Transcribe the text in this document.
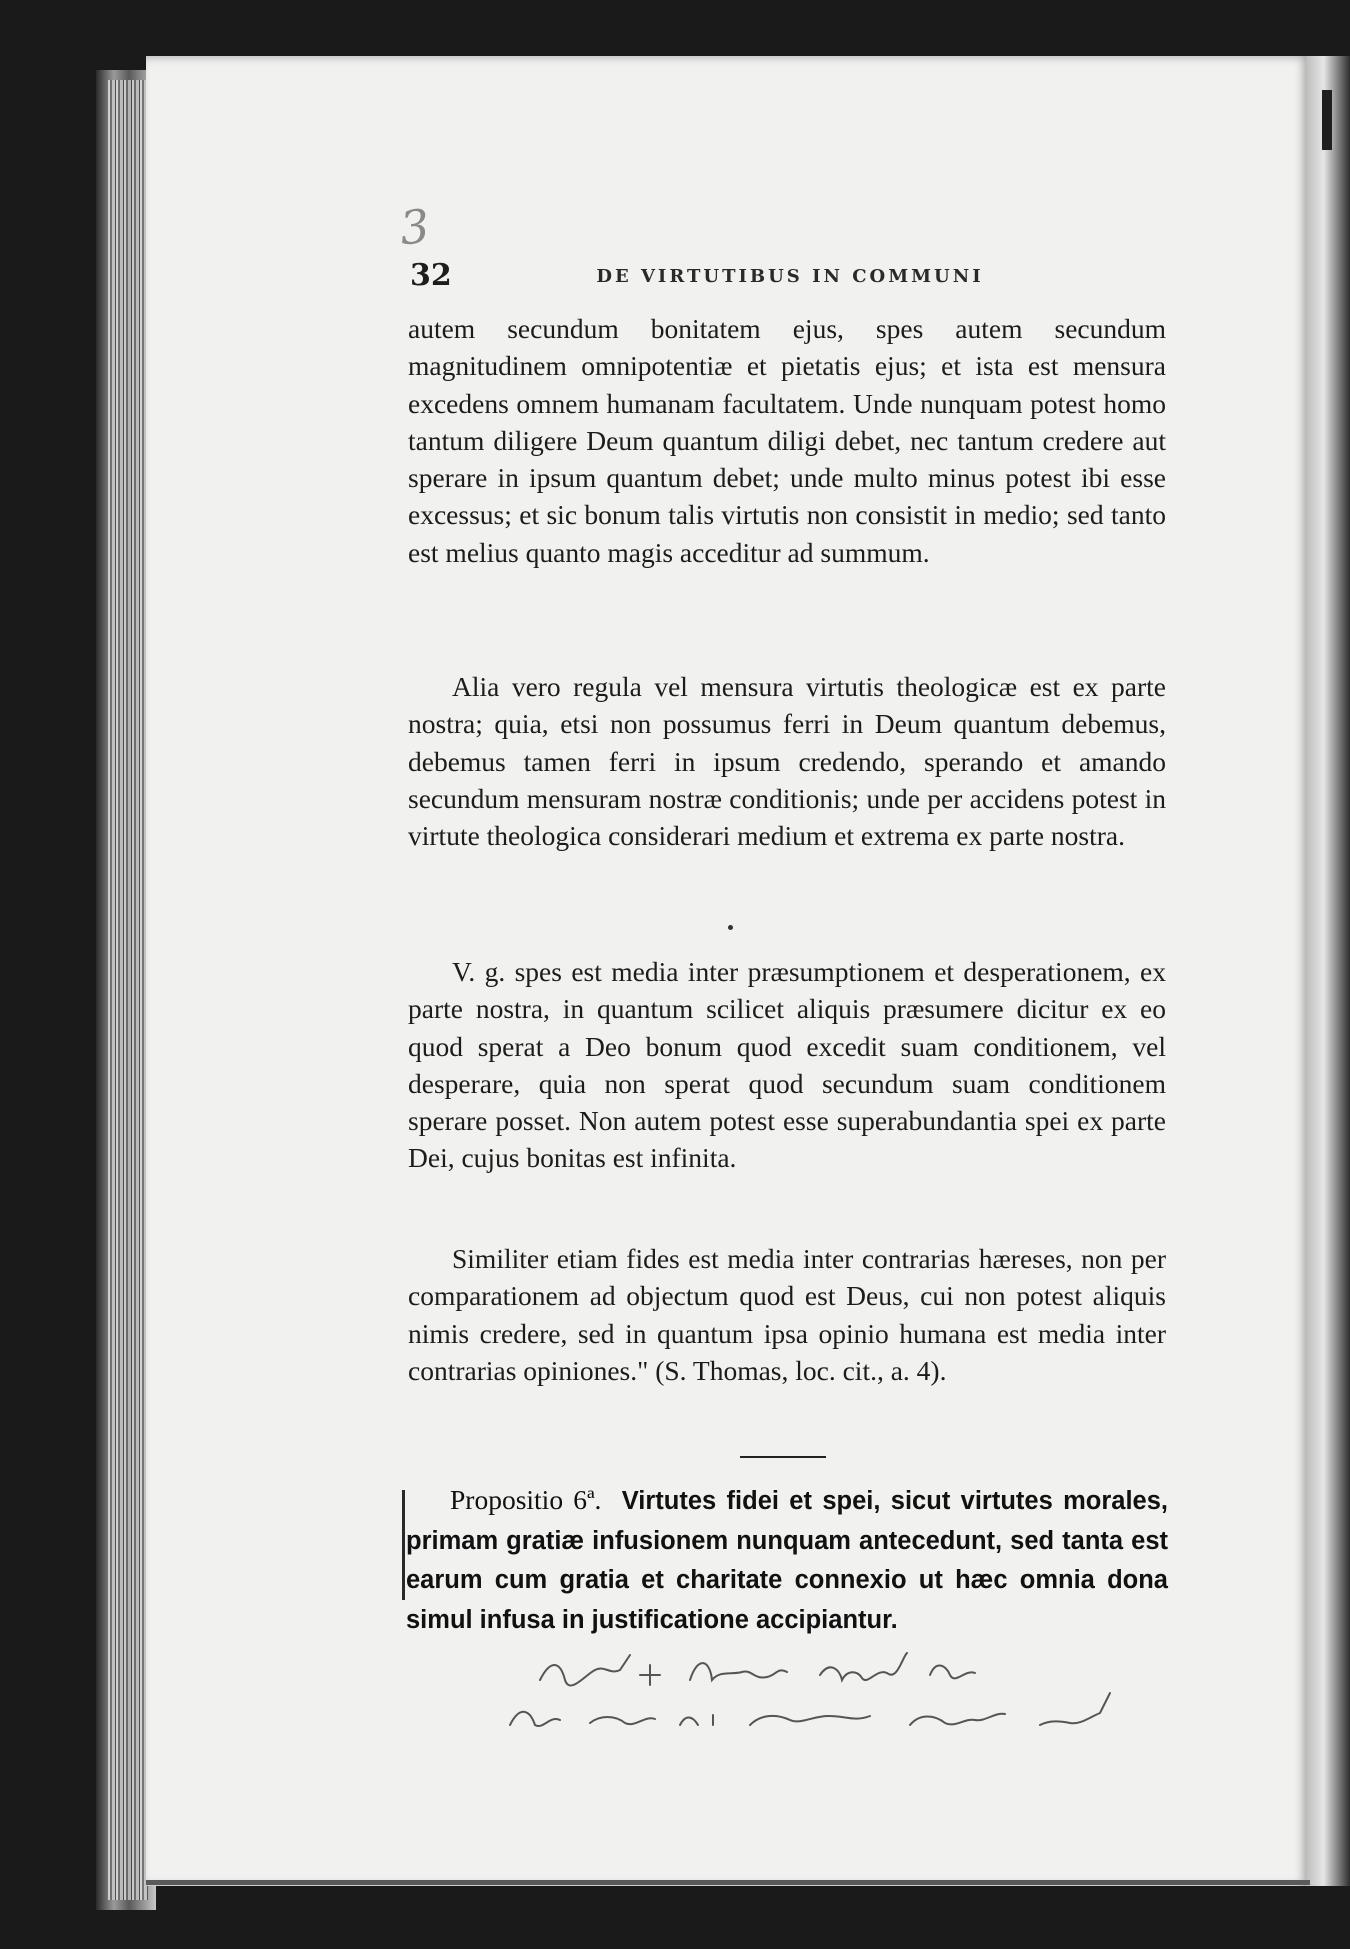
3
32	DE VIRTUTIBUS IN COMMUNI

autem secundum bonitatem ejus, spes autem secundum magnitudinem omnipotentiæ et pietatis ejus; et ista est mensura excedens omnem humanam facultatem. Unde nunquam potest homo tantum diligere Deum quantum diligi debet, nec tantum credere aut sperare in ipsum quantum debet; unde multo minus potest ibi esse excessus; et sic bonum talis virtutis non consistit in medio; sed tanto est melius quanto magis acceditur ad summum.

Alia vero regula vel mensura virtutis theologicæ est ex parte nostra; quia, etsi non possumus ferri in Deum quantum debemus, debemus tamen ferri in ipsum credendo, sperando et amando secundum mensuram nostræ conditionis; unde per accidens potest in virtute theologica considerari medium et extrema ex parte nostra.

V. g. spes est media inter præsumptionem et desperationem, ex parte nostra, in quantum scilicet aliquis præsumere dicitur ex eo quod sperat a Deo bonum quod excedit suam conditionem, vel desperare, quia non sperat quod secundum suam conditionem sperare posset. Non autem potest esse superabundantia spei ex parte Dei, cujus bonitas est infinita.

Similiter etiam fides est media inter contrarias hæreses, non per comparationem ad objectum quod est Deus, cui non potest aliquis nimis credere, sed in quantum ipsa opinio humana est media inter contrarias opiniones." (S. Thomas, loc. cit., a. 4).

Propositio 6ª. Virtutes fidei et spei, sicut virtutes morales, primam gratiæ infusionem nunquam antecedunt, sed tanta est earum cum gratia et charitate connexio ut hæc omnia dona simul infusa in justificatione accipiantur.
